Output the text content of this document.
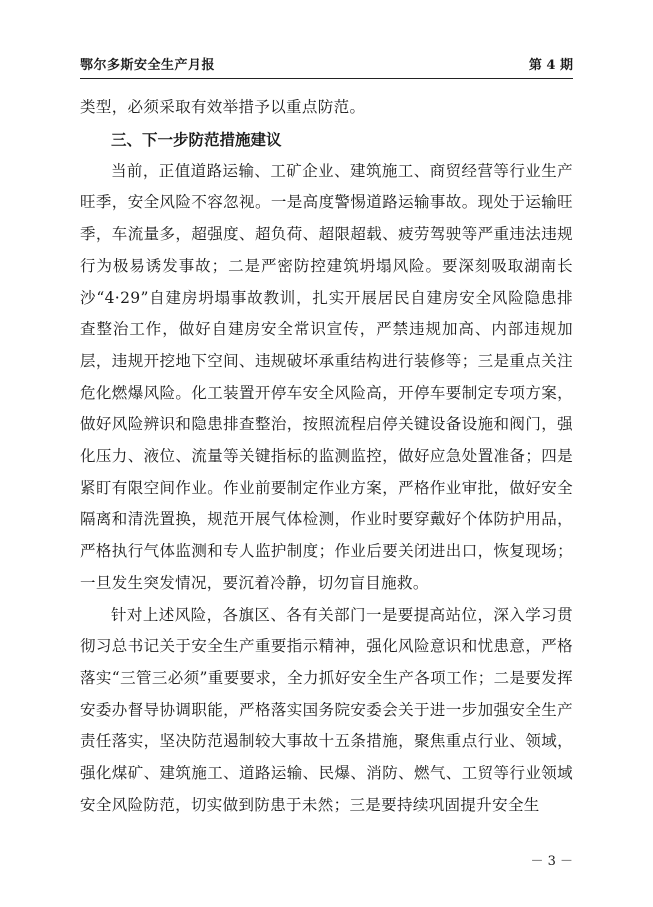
鄂尔多斯安全生产月报	第 4 期

类型，必须采取有效举措予以重点防范。

三、下一步防范措施建议

当前，正值道路运输、工矿企业、建筑施工、商贸经营等行业生产旺季，安全风险不容忽视。一是高度警惕道路运输事故。现处于运输旺季，车流量多，超强度、超负荷、超限超载、疲劳驾驶等严重违法违规行为极易诱发事故；二是严密防控建筑坍塌风险。要深刻吸取湖南长沙“4·29”自建房坍塌事故教训，扎实开展居民自建房安全风险隐患排查整治工作，做好自建房安全常识宣传，严禁违规加高、内部违规加层，违规开挖地下空间、违规破坏承重结构进行装修等；三是重点关注危化燃爆风险。化工装置开停车安全风险高，开停车要制定专项方案，做好风险辨识和隐患排查整治，按照流程启停关键设备设施和阀门，强化压力、液位、流量等关键指标的监测监控，做好应急处置准备；四是紧盯有限空间作业。作业前要制定作业方案，严格作业审批，做好安全隔离和清洗置换，规范开展气体检测，作业时要穿戴好个体防护用品，严格执行气体监测和专人监护制度；作业后要关闭进出口，恢复现场；一旦发生突发情况，要沉着冷静，切勿盲目施救。

针对上述风险，各旗区、各有关部门一是要提高站位，深入学习贯彻习总书记关于安全生产重要指示精神，强化风险意识和忧患意，严格落实“三管三必须”重要要求，全力抓好安全生产各项工作；二是要发挥安委办督导协调职能，严格落实国务院安委会关于进一步加强安全生产责任落实，坚决防范遏制较大事故十五条措施，聚焦重点行业、领域，强化煤矿、建筑施工、道路运输、民爆、消防、燃气、工贸等行业领域安全风险防范，切实做到防患于未然；三是要持续巩固提升安全生

－ 3 －
